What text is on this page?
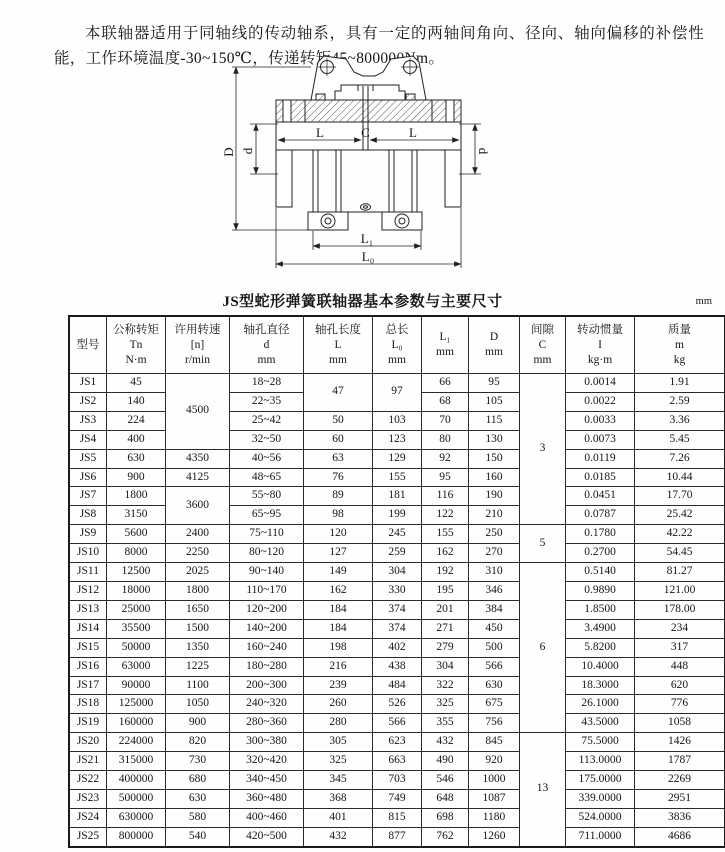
本联轴器适用于同轴线的传动轴系，具有一定的两轴间角向、径向、轴向偏移的补偿性能，工作环境温度-30~150℃，传递转矩45~800000Nm。

D d
L	C	L
d
L₁
L₀
JS型蛇形弹簧联轴器基本参数与主要尺寸	mm
型号	公称转矩
Tn
N·m	许用转速
[n]
r/min	轴孔直径
d
mm	轴孔长度
L
mm	总长
L₀
mm	L₁
mm	D
mm	间隙
C
mm	转动惯量
I
kg·m	质量
m
kg
JS1	45	4500	18~28	47	97	66	95	3	0.0014	1.91
JS2	140		22~35			68	105		0.0022	2.59
JS3	224		25~42	50	103	70	115		0.0033	3.36
JS4	400		32~50	60	123	80	130		0.0073	5.45
JS5	630	4350	40~56	63	129	92	150		0.0119	7.26
JS6	900	4125	48~65	76	155	95	160		0.0185	10.44
JS7	1800	3600	55~80	89	181	116	190		0.0451	17.70
JS8	3150		65~95	98	199	122	210		0.0787	25.42
JS9	5600	2400	75~110	120	245	155	250	5	0.1780	42.22
JS10	8000	2250	80~120	127	259	162	270		0.2700	54.45
JS11	12500	2025	90~140	149	304	192	310	6	0.5140	81.27
JS12	18000	1800	110~170	162	330	195	346		0.9890	121.00
JS13	25000	1650	120~200	184	374	201	384		1.8500	178.00
JS14	35500	1500	140~200	184	374	271	450		3.4900	234
JS15	50000	1350	160~240	198	402	279	500		5.8200	317
JS16	63000	1225	180~280	216	438	304	566		10.4000	448
JS17	90000	1100	200~300	239	484	322	630		18.3000	620
JS18	125000	1050	240~320	260	526	325	675		26.1000	776
JS19	160000	900	280~360	280	566	355	756		43.5000	1058
JS20	224000	820	300~380	305	623	432	845	13	75.5000	1426
JS21	315000	730	320~420	325	663	490	920		113.0000	1787
JS22	400000	680	340~450	345	703	546	1000		175.0000	2269
JS23	500000	630	360~480	368	749	648	1087		339.0000	2951
JS24	630000	580	400~460	401	815	698	1180		524.0000	3836
JS25	800000	540	420~500	432	877	762	1260		711.0000	4686
